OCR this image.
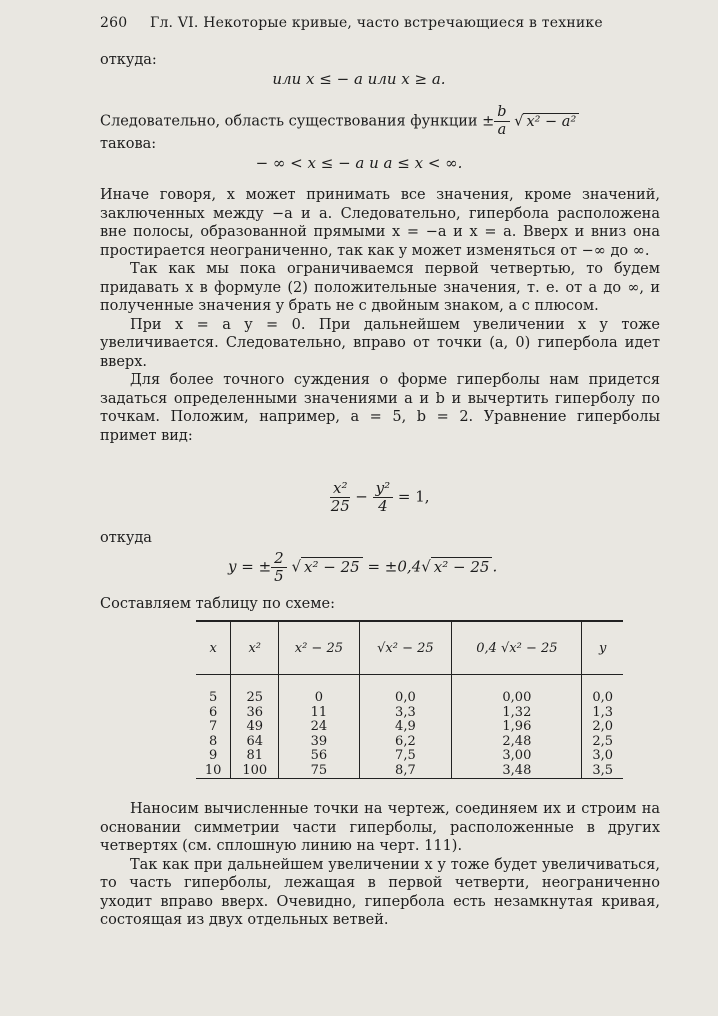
260 Гл. VI. Некоторые кривые, часто встречающиеся в технике
откуда:
или x ≤ − a или x ≥ a.
Следовательно, область существования функции ± $\frac{b}{a}$ √ x² − a²
такова:
− ∞ < x ≤ − a и a ≤ x < ∞.

Иначе говоря, x может принимать все значения, кроме значений, заключенных между −a и a. Следовательно, гипербола расположена вне полосы, образованной прямыми x = −a и x = a. Вверх и вниз она простирается неограниченно, так как y может изменяться от −∞ до ∞.

Так как мы пока ограничиваемся первой четвертью, то будем придавать x в формуле (2) положительные значения, т. е. от a до ∞, и полученные значения y брать не с двойным знаком, а с плюсом.

При x = a y = 0. При дальнейшем увеличении x y тоже увеличивается. Следовательно, вправо от точки (a, 0) гипербола идет вверх.

Для более точного суждения о форме гиперболы нам придется задаться определенными значениями a и b и вычертить гиперболу по точкам. Положим, например, a = 5, b = 2. Уравнение гиперболы примет вид:

$\frac{\text{x²}}{25} - \frac{\text{y²}}{4} = 1$,
откуда
y = ± $\frac{2}{5}$ √ x² − 25 = ±0,4√ x² − 25 .
Составляем таблицу по схеме:
x	x²	x² − 25	√x² − 25	0,4 √x² − 25	y

5	25	0	0,0	0,00	0,0
6	36	11	3,3	1,32	1,3
7	49	24	4,9	1,96	2,0
8	64	39	6,2	2,48	2,5
9	81	56	7,5	3,00	3,0
10	100	75	8,7	3,48	3,5

Наносим вычисленные точки на чертеж, соединяем их и строим на основании симметрии части гиперболы, расположенные в других четвертях (см. сплошную линию на черт. 111).

Так как при дальнейшем увеличении x y тоже будет увеличиваться, то часть гиперболы, лежащая в первой четверти, неограниченно уходит вправо вверх. Очевидно, гипербола есть незамкнутая кривая, состоящая из двух отдельных ветвей.
